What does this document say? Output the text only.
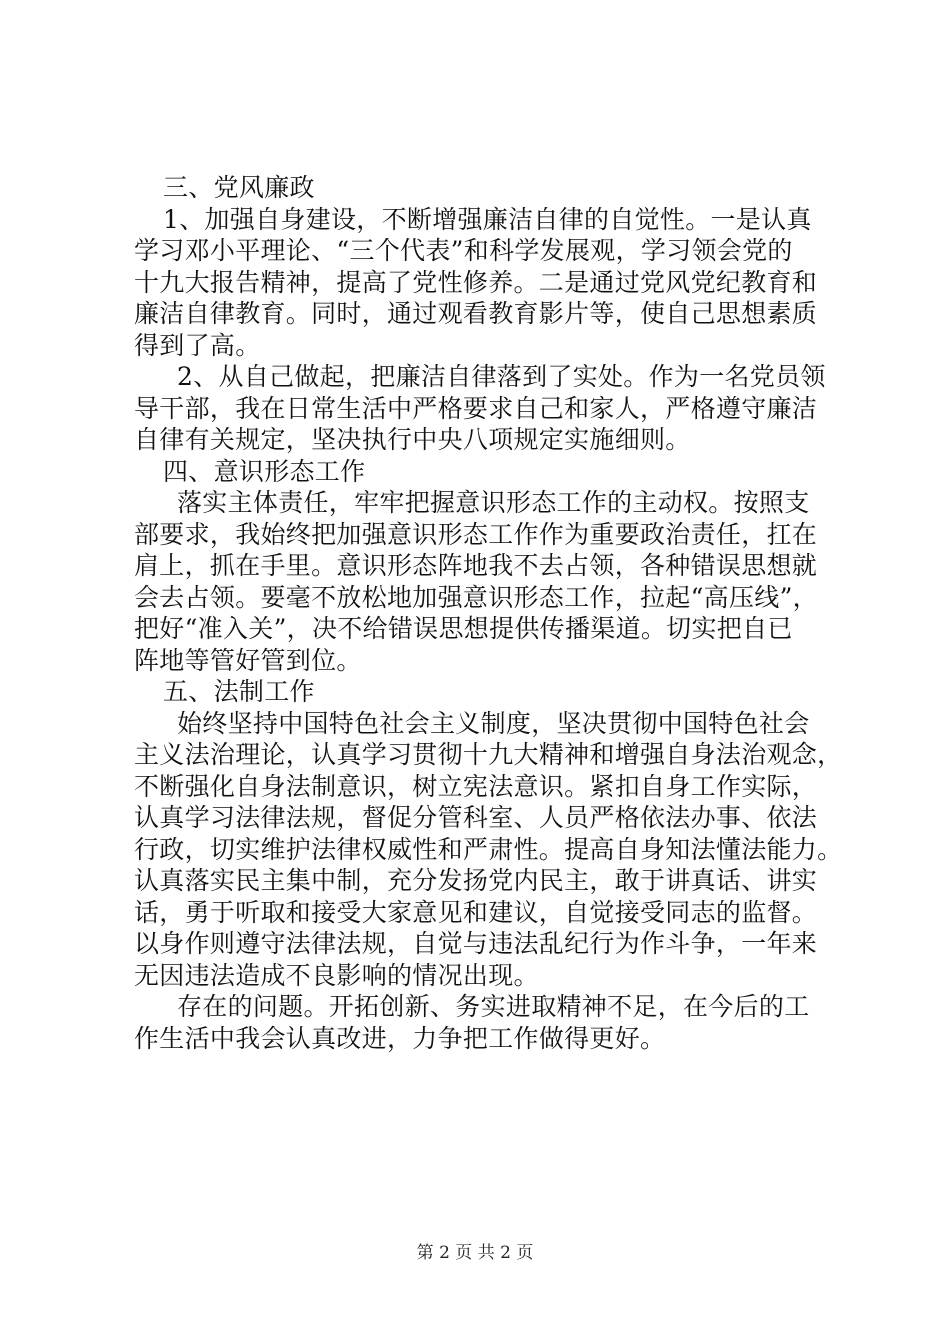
三、党风廉政
1、加强自身建设，不断增强廉洁自律的自觉性。一是认真
学习邓小平理论、“三个代表”和科学发展观，学习领会党的
十九大报告精神，提高了党性修养。二是通过党风党纪教育和
廉洁自律教育。同时，通过观看教育影片等，使自己思想素质
得到了高。
2、从自己做起，把廉洁自律落到了实处。作为一名党员领
导干部，我在日常生活中严格要求自己和家人，严格遵守廉洁
自律有关规定，坚决执行中央八项规定实施细则。
四、意识形态工作
落实主体责任，牢牢把握意识形态工作的主动权。按照支
部要求，我始终把加强意识形态工作作为重要政治责任，扛在
肩上，抓在手里。意识形态阵地我不去占领，各种错误思想就
会去占领。要毫不放松地加强意识形态工作，拉起“高压线”，
把好“准入关”，决不给错误思想提供传播渠道。切实把自已
阵地等管好管到位。
五、法制工作
始终坚持中国特色社会主义制度，坚决贯彻中国特色社会
主义法治理论，认真学习贯彻十九大精神和增强自身法治观念，
不断强化自身法制意识，树立宪法意识。紧扣自身工作实际，
认真学习法律法规，督促分管科室、人员严格依法办事、依法
行政，切实维护法律权威性和严肃性。提高自身知法懂法能力。
认真落实民主集中制，充分发扬党内民主，敢于讲真话、讲实
话，勇于听取和接受大家意见和建议，自觉接受同志的监督。
以身作则遵守法律法规，自觉与违法乱纪行为作斗争，一年来
无因违法造成不良影响的情况出现。
存在的问题。开拓创新、务实进取精神不足，在今后的工
作生活中我会认真改进，力争把工作做得更好。
第 2 页 共 2 页
